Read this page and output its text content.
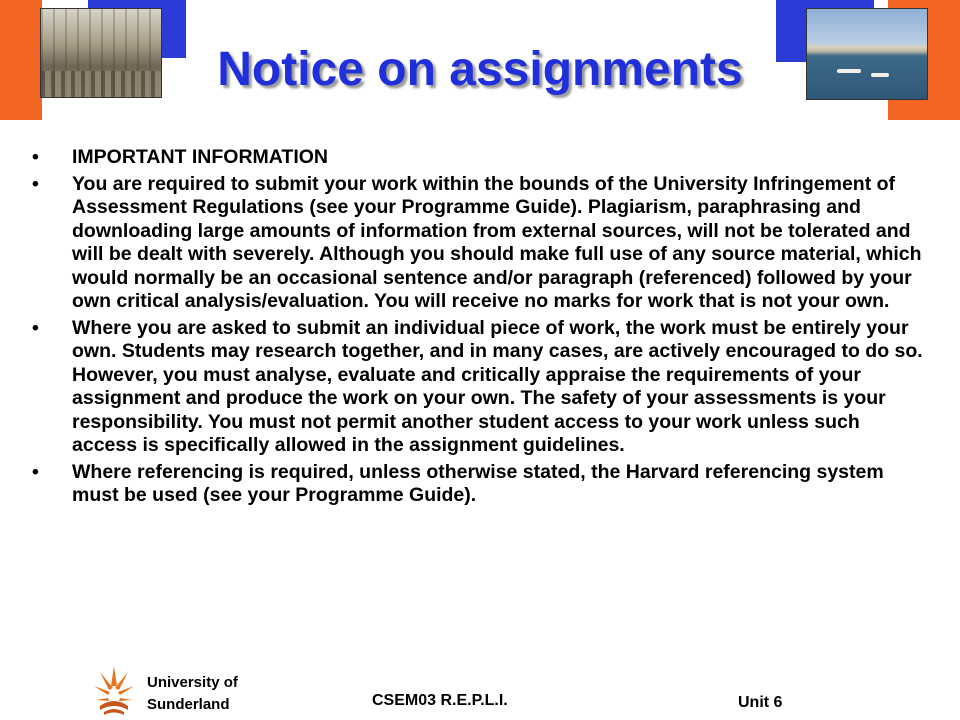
Notice on assignments
• IMPORTANT INFORMATION
• You are required to submit your work within the bounds of the University Infringement of Assessment Regulations (see your Programme Guide). Plagiarism, paraphrasing and downloading large amounts of information from external sources, will not be tolerated and will be dealt with severely. Although you should make full use of any source material, which would normally be an occasional sentence and/or paragraph (referenced) followed by your own critical analysis/evaluation. You will receive no marks for work that is not your own.
• Where you are asked to submit an individual piece of work, the work must be entirely your own. Students may research together, and in many cases, are actively encouraged to do so. However, you must analyse, evaluate and critically appraise the requirements of your assignment and produce the work on your own. The safety of your assessments is your responsibility. You must not permit another student access to your work unless such access is specifically allowed in the assignment guidelines.
• Where referencing is required, unless otherwise stated, the Harvard referencing system must be used (see your Programme Guide).
University of
Sunderland	CSEM03 R.E.P.L.I.	Unit 6
